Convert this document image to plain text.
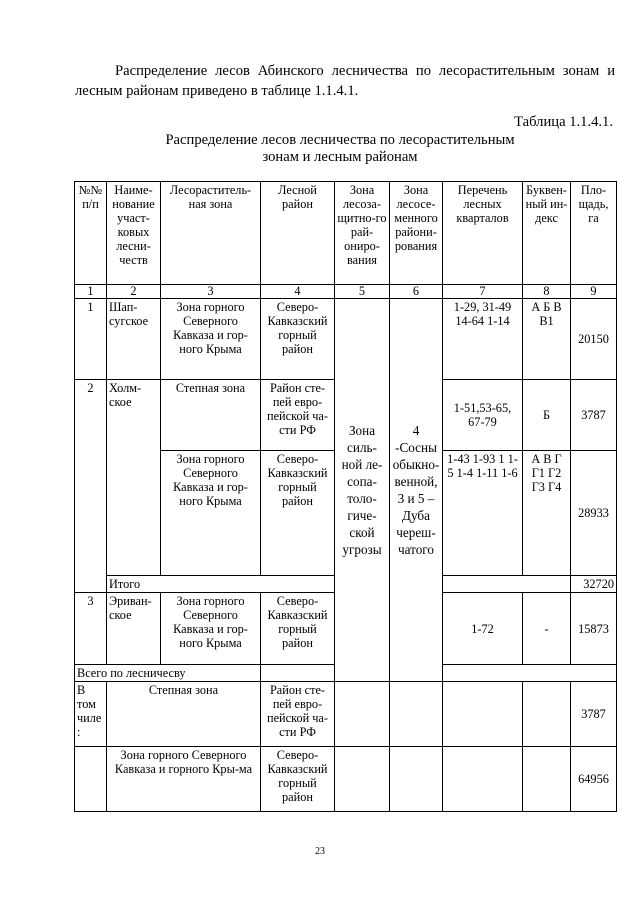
Распределение лесов Абинского лесничества по лесорастительным зонам и лесным районам приведено в таблице 1.1.4.1.
Таблица 1.1.4.1.
Распределение лесов лесничества по лесорастительным
зонам и лесным районам
№№ п/п	Наиме-нование участ-ковых лесни-честв	Лесораститель-ная зона	Лесной район	Зона лесоза-щитно-го рай-ониро-вания	Зона лесосе-менного райони-рования	Перечень лесных кварталов	Буквен-ный ин-декс	Пло-щадь, га	
1	2	3	4	5	6	7	8	9	
1	Шап-сугское	Зона горного Северного Кавказа и гор-ного Крыма	Северо-Кавказский горный район	Зона силь-ной ле-сопа-толо-гиче-ской угрозы	4 -Сосны обыкно-венной, 3 и 5 – Дуба череш-чатого	1-29, 31-49 14-64 1-14	А Б В В1	20150	
2	Холм-ское	Степная зона	Район сте-пей евро-пейской ча-сти РФ			1-51,53-65, 67-79	Б	3787	
		Зона горного Северного Кавказа и гор-ного Крыма	Северо-Кавказский горный район			1-43 1-93 1 1-5 1-4 1-11 1-6	А В Г Г1 Г2 Г3 Г4	28933	
	Итого							32720	
3	Эриван-ское	Зона горного Северного Кавказа и гор-ного Крыма	Северо-Кавказский горный район			1-72	-	15873	
Всего по лесничесву			
В том чиле :	Степная зона		Район сте-пей евро-пейской ча-сти РФ					3787	
	Зона горного Северного Кавказа и горного Кры-ма		Северо-Кавказский горный район					64956	
23
